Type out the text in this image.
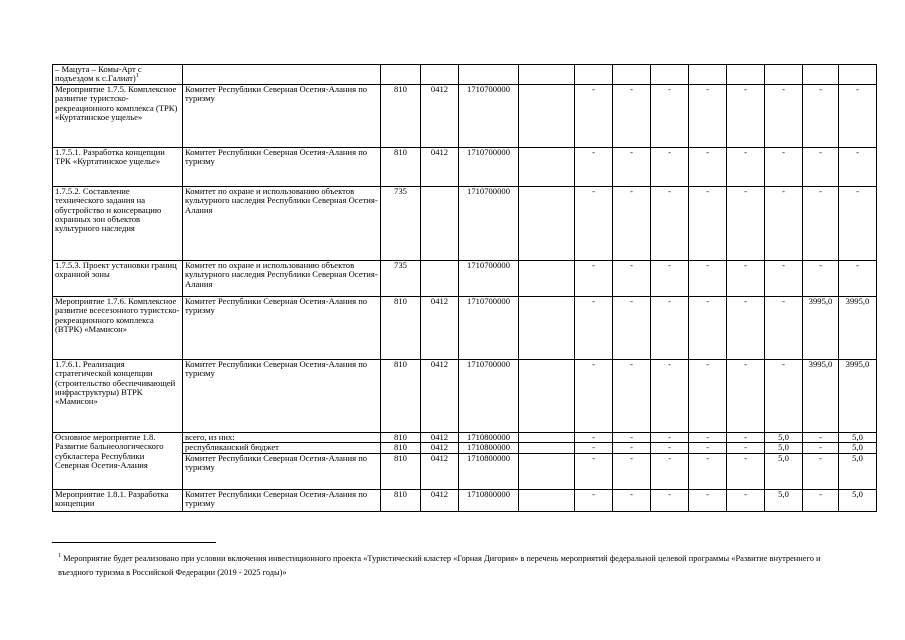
– Мацута – Комы-Арт с подъездом к с.Галиат)$^1$													
Мероприятие 1.7.5. Комплексное развитие туристско-рекреационного комплекса (ТРК) «Куртатинское ущелье»	Комитет Республики Северная Осетия-Алания по туризму	810	0412	1710700000		-	-	-	-	-	-	-	-
1.7.5.1. Разработка концепции ТРК «Куртатинское ущелье»	Комитет Республики Северная Осетия-Алания по туризму	810	0412	1710700000		-	-	-	-	-	-	-	-
1.7.5.2. Составление технического задания на обустройство и консервацию охранных зон объектов культурного наследия	Комитет по охране и использованию объектов культурного наследия Республики Северная Осетия-Алания	735		1710700000		-	-	-	-	-	-	-	-
1.7.5.3. Проект установки границ охранной зоны	Комитет по охране и использованию объектов культурного наследия Республики Северная Осетия-Алания	735		1710700000		-	-	-	-	-	-	-	-
Мероприятие 1.7.6. Комплексное развитие всесезонного туристско-рекреационного комплекса (ВТРК) «Мамисон»	Комитет Республики Северная Осетия-Алания по туризму	810	0412	1710700000		-	-	-	-	-	-	3995,0	3995,0
1.7.6.1. Реализация стратегической концепции (строительство обеспечивающей инфраструктуры) ВТРК «Мамисон»	Комитет Республики Северная Осетия-Алания по туризму	810	0412	1710700000		-	-	-	-	-	-	3995,0	3995,0
Основное мероприятие 1.8. Развитие бальнеологического субкластера Республики Северная Осетия-Алания	всего, из них:	810	0412	1710800000		-	-	-	-	-	5,0	-	5,0
	республиканский бюджет	810	0412	1710800000		-	-	-	-	-	5,0	-	5,0
	Комитет Республики Северная Осетия-Алания по туризму	810	0412	1710800000		-	-	-	-	-	5,0	-	5,0
Мероприятие 1.8.1. Разработка концепции	Комитет Республики Северная Осетия-Алания по туризму	810	0412	1710800000		-	-	-	-	-	5,0	-	5,0
$^1$ Мероприятие будет реализовано при условии включения инвестиционного проекта «Туристический кластер «Горная Дигория» в перечень мероприятий федеральной целевой программы «Развитие внутреннего и въездного туризма в Российской Федерации (2019 - 2025 годы)»
